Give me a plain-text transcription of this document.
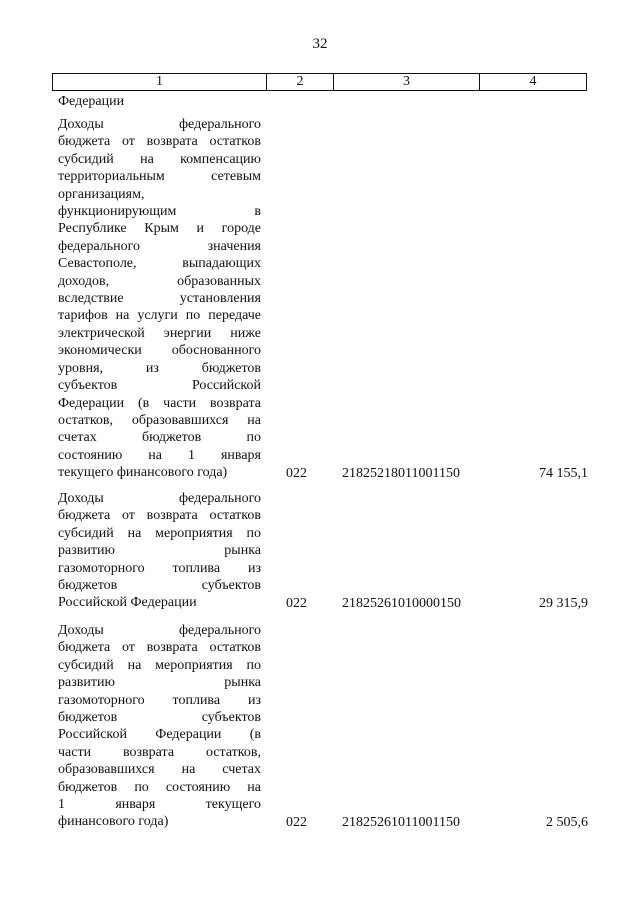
32
1	2	3	4
Федерации
Доходы федерального
бюджета от возврата остатков
субсидий на компенсацию
территориальным сетевым
организациям,
функционирующим в
Республике Крым и городе
федерального значения
Севастополе, выпадающих
доходов, образованных
вследствие установления
тарифов на услуги по передаче
электрической энергии ниже
экономически обоснованного
уровня, из бюджетов
субъектов Российской
Федерации (в части возврата
остатков, образовавшихся на
счетах бюджетов по
состоянию на 1 января
текущего финансового года)	022	21825218011001150	74 155,1
Доходы федерального
бюджета от возврата остатков
субсидий на мероприятия по
развитию рынка
газомоторного топлива из
бюджетов субъектов
Российской Федерации	022	21825261010000150	29 315,9
Доходы федерального
бюджета от возврата остатков
субсидий на мероприятия по
развитию рынка
газомоторного топлива из
бюджетов субъектов
Российской Федерации (в
части возврата остатков,
образовавшихся на счетах
бюджетов по состоянию на
1 января текущего
финансового года)	022	21825261011001150	2 505,6
